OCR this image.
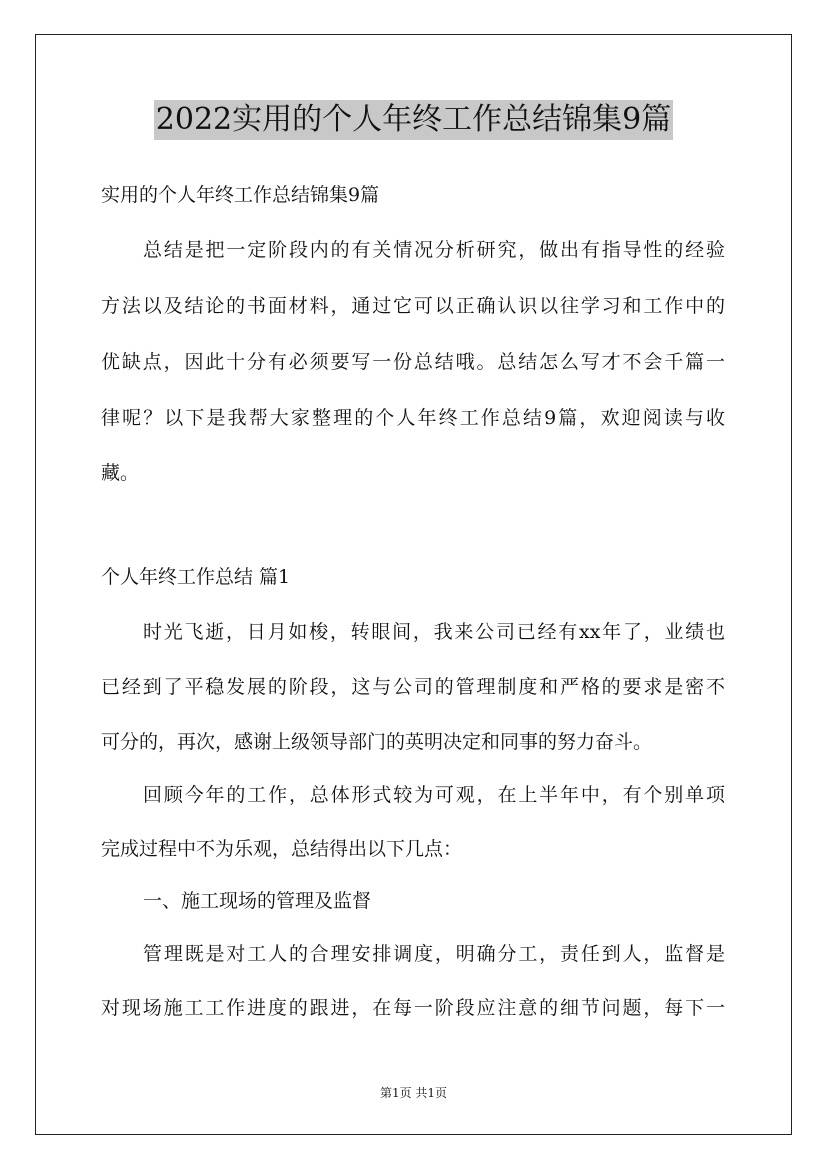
2022实用的个人年终工作总结锦集9篇
实用的个人年终工作总结锦集9篇
总结是把一定阶段内的有关情况分析研究，做出有指导性的经验
方法以及结论的书面材料，通过它可以正确认识以往学习和工作中的
优缺点，因此十分有必须要写一份总结哦。总结怎么写才不会千篇一
律呢？以下是我帮大家整理的个人年终工作总结9篇，欢迎阅读与收
藏。
个人年终工作总结 篇1
时光飞逝，日月如梭，转眼间，我来公司已经有xx年了，业绩也
已经到了平稳发展的阶段，这与公司的管理制度和严格的要求是密不
可分的，再次，感谢上级领导部门的英明决定和同事的努力奋斗。
回顾今年的工作，总体形式较为可观，在上半年中，有个别单项
完成过程中不为乐观，总结得出以下几点：
一、施工现场的管理及监督
管理既是对工人的合理安排调度，明确分工，责任到人，监督是
对现场施工工作进度的跟进，在每一阶段应注意的细节问题，每下一
第1页 共1页
